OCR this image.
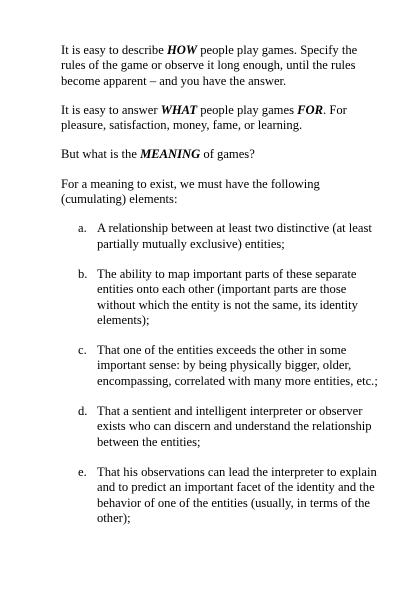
It is easy to describe HOW people play games. Specify the rules of the game or observe it long enough, until the rules become apparent – and you have the answer.

It is easy to answer WHAT people play games FOR. For pleasure, satisfaction, money, fame, or learning.

But what is the MEANING of games?

For a meaning to exist, we must have the following (cumulating) elements:

a. A relationship between at least two distinctive (at least partially mutually exclusive) entities;
b. The ability to map important parts of these separate entities onto each other (important parts are those without which the entity is not the same, its identity elements);
c. That one of the entities exceeds the other in some important sense: by being physically bigger, older, encompassing, correlated with many more entities, etc.;
d. That a sentient and intelligent interpreter or observer exists who can discern and understand the relationship between the entities;
e. That his observations can lead the interpreter to explain and to predict an important facet of the identity and the behavior of one of the entities (usually, in terms of the other);
